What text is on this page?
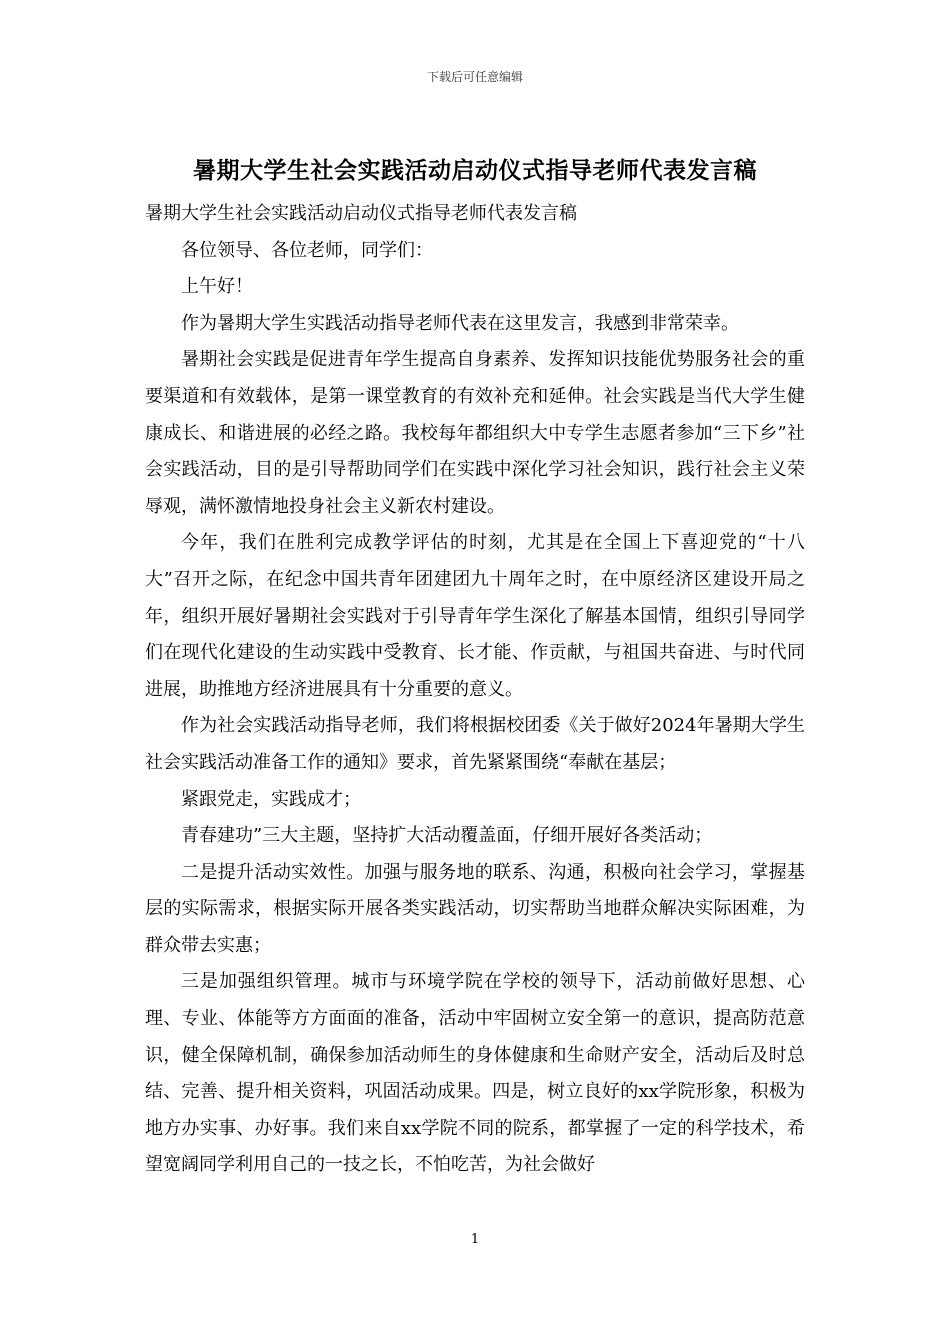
下载后可任意编辑
暑期大学生社会实践活动启动仪式指导老师代表发言稿

暑期大学生社会实践活动启动仪式指导老师代表发言稿

各位领导、各位老师，同学们：

上午好！

作为暑期大学生实践活动指导老师代表在这里发言，我感到非常荣幸。

暑期社会实践是促进青年学生提高自身素养、发挥知识技能优势服务社会的重要渠道和有效载体，是第一课堂教育的有效补充和延伸。社会实践是当代大学生健康成长、和谐进展的必经之路。我校每年都组织大中专学生志愿者参加“三下乡”社会实践活动，目的是引导帮助同学们在实践中深化学习社会知识，践行社会主义荣辱观，满怀激情地投身社会主义新农村建设。

今年，我们在胜利完成教学评估的时刻，尤其是在全国上下喜迎党的“十八大”召开之际，在纪念中国共青年团建团九十周年之时，在中原经济区建设开局之年，组织开展好暑期社会实践对于引导青年学生深化了解基本国情，组织引导同学们在现代化建设的生动实践中受教育、长才能、作贡献，与祖国共奋进、与时代同进展，助推地方经济进展具有十分重要的意义。

作为社会实践活动指导老师，我们将根据校团委《关于做好2024年暑期大学生社会实践活动准备工作的通知》要求，首先紧紧围绕“奉献在基层；

紧跟党走，实践成才；

青春建功”三大主题，坚持扩大活动覆盖面，仔细开展好各类活动；

二是提升活动实效性。加强与服务地的联系、沟通，积极向社会学习，掌握基层的实际需求，根据实际开展各类实践活动，切实帮助当地群众解决实际困难，为群众带去实惠；

三是加强组织管理。城市与环境学院在学校的领导下，活动前做好思想、心理、专业、体能等方方面面的准备，活动中牢固树立安全第一的意识，提高防范意识，健全保障机制，确保参加活动师生的身体健康和生命财产安全，活动后及时总结、完善、提升相关资料，巩固活动成果。四是，树立良好的xx学院形象，积极为地方办实事、办好事。我们来自xx学院不同的院系，都掌握了一定的科学技术，希望宽阔同学利用自己的一技之长，不怕吃苦，为社会做好

1
